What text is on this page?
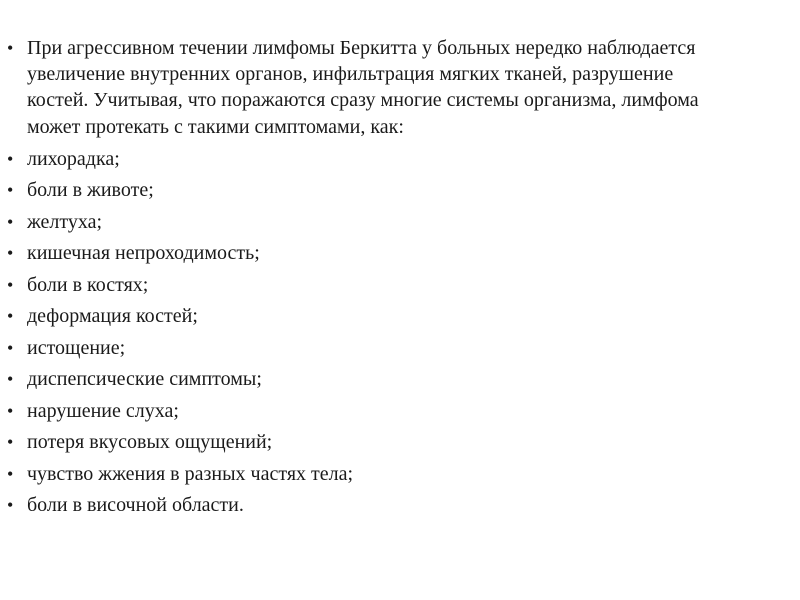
• При агрессивном течении лимфомы Беркитта у больных нередко наблюдается увеличение внутренних органов, инфильтрация мягких тканей, разрушение костей. Учитывая, что поражаются сразу многие системы организма, лимфома может протекать с такими симптомами, как:
• лихорадка;
• боли в животе;
• желтуха;
• кишечная непроходимость;
• боли в костях;
• деформация костей;
• истощение;
• диспепсические симптомы;
• нарушение слуха;
• потеря вкусовых ощущений;
• чувство жжения в разных частях тела;
• боли в височной области.
